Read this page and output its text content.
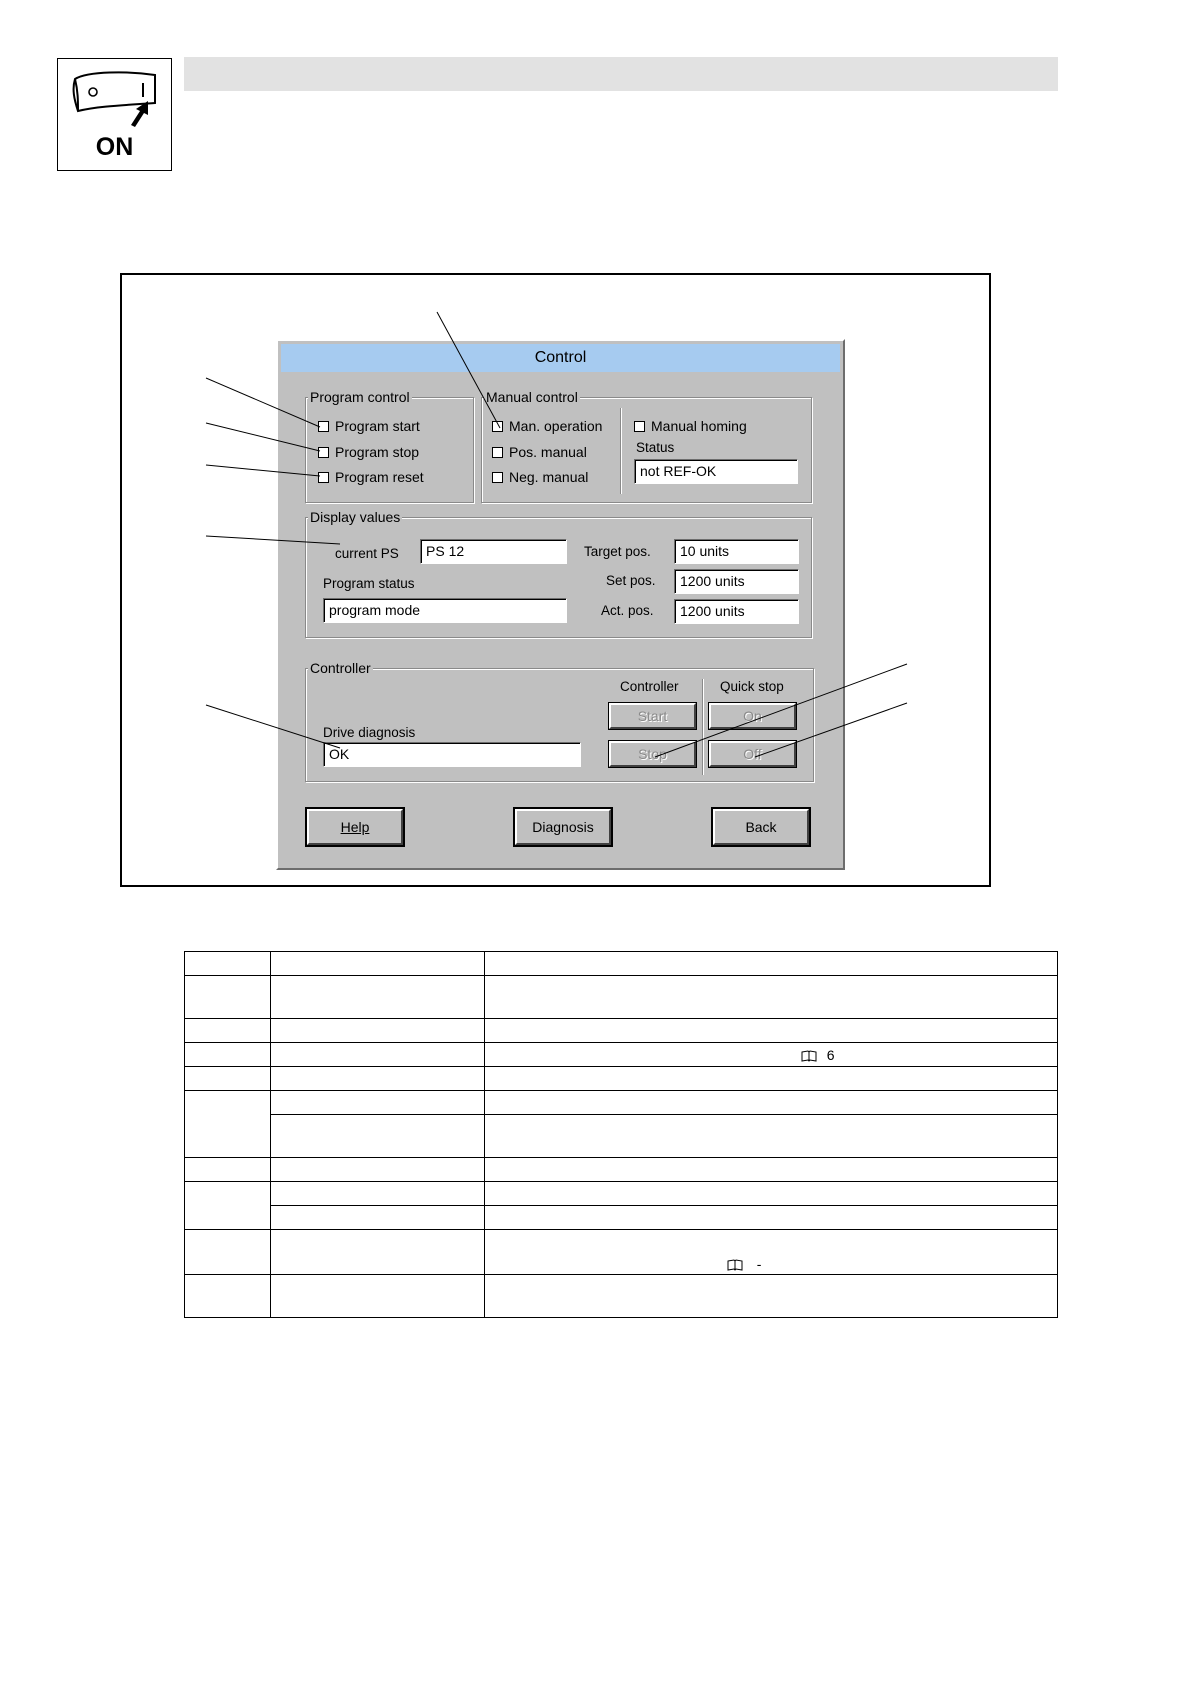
ON
Control
Program control
Program start
Program stop
Program reset
Manual control
Man. operation
Pos. manual
Neg. manual
Manual homing
Status
not REF-OK
Display values
current PS	PS 12
Program status
program mode
Target pos.	10 units
Set pos.	1200 units
Act. pos.	1200 units
Controller
Controller	Quick stop
Start	On
Drive diagnosis
OK	Stop	Off
Help	Diagnosis	Back

		6

		-
